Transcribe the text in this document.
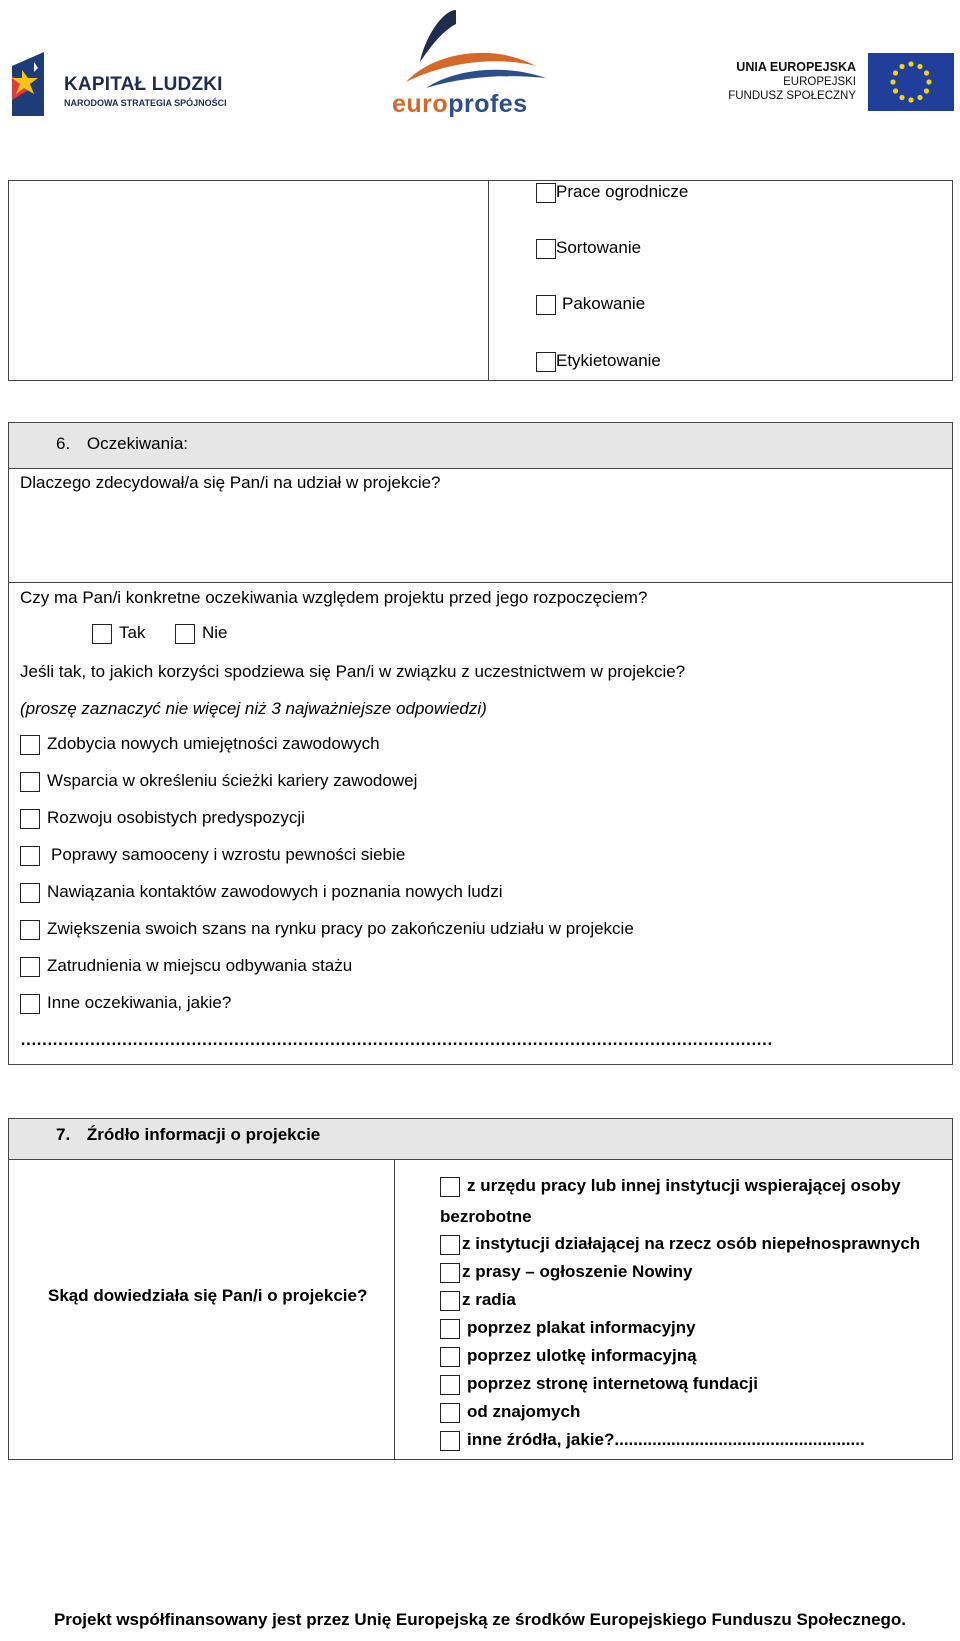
KAPITAŁ LUDZKI
NARODOWA STRATEGIA SPÓJNOŚCI	europrofes
UNIA EUROPEJSKA
EUROPEJSKI
FUNDUSZ SPOŁECZNY
Prace ogrodnicze
Sortowanie
Pakowanie
Etykietowanie
6. Oczekiwania:
Dlaczego zdecydował/a się Pan/i na udział w projekcie?
Czy ma Pan/i konkretne oczekiwania względem projektu przed jego rozpoczęciem?
Tak	Nie
Jeśli tak, to jakich korzyści spodziewa się Pan/i w związku z uczestnictwem w projekcie?
(proszę zaznaczyć nie więcej niż 3 najważniejsze odpowiedzi)
Zdobycia nowych umiejętności zawodowych
Wsparcia w określeniu ścieżki kariery zawodowej
Rozwoju osobistych predyspozycji
Poprawy samooceny i wzrostu pewności siebie
Nawiązania kontaktów zawodowych i poznania nowych ludzi
Zwiększenia swoich szans na rynku pracy po zakończeniu udziału w projekcie
Zatrudnienia w miejscu odbywania stażu
Inne oczekiwania, jakie?
……………………………………………………………………………………………………………………………
7. Źródło informacji o projekcie
Skąd dowiedziała się Pan/i o projekcie?
z urzędu pracy lub innej instytucji wspierającej osoby
bezrobotne
z instytucji działającej na rzecz osób niepełnosprawnych
z prasy – ogłoszenie Nowiny
z radia
poprzez plakat informacyjny
poprzez ulotkę informacyjną
poprzez stronę internetową fundacji
od znajomych
inne źródła, jakie?.....................................................
Projekt współfinansowany jest przez Unię Europejską ze środków Europejskiego Funduszu Społecznego.
